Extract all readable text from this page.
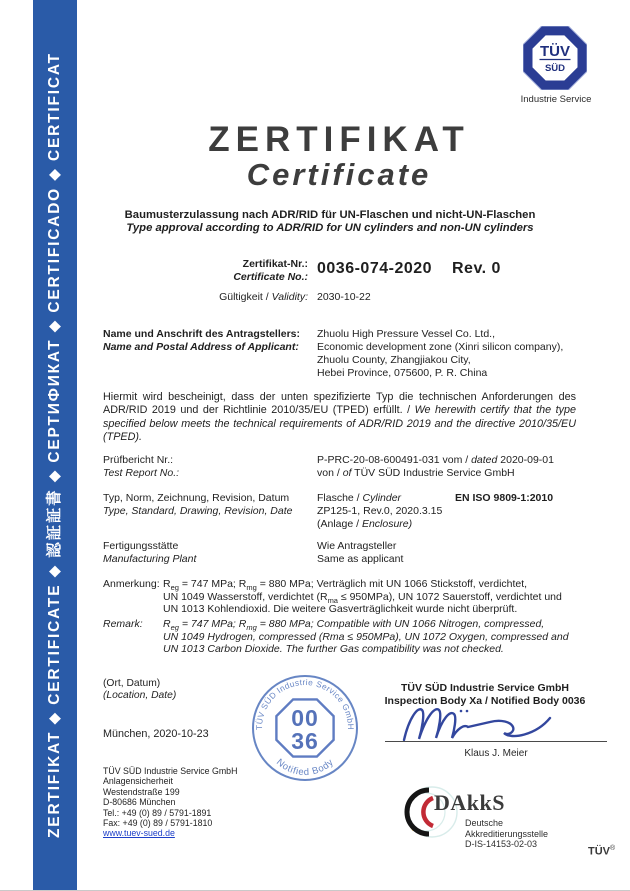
ZERTIFIKAT ◆ CERTIFICATE ◆ 認証証書 ◆ СЕРТИФИКАТ ◆ CERTIFICADO ◆ CERTIFICAT
TÜV
SÜD
Industrie Service
ZERTIFIKAT
Certificate
Baumusterzulassung nach ADR/RID für UN-Flaschen und nicht-UN-Flaschen
Type approval according to ADR/RID for UN cylinders and non-UN cylinders
Zertifikat-Nr.:
Certificate No.: 0036-074-2020 Rev. 0
Gültigkeit / Validity: 2030-10-22
Name und Anschrift des Antragstellers:
Name and Postal Address of Applicant:
Zhuolu High Pressure Vessel Co. Ltd.,
Economic development zone (Xinri silicon company),
Zhuolu County, Zhangjiakou City,
Hebei Province, 075600, P. R. China

Hiermit wird bescheinigt, dass der unten spezifizierte Typ die technischen Anforderungen des ADR/RID 2019 und der Richtlinie 2010/35/EU (TPED) erfüllt. / We herewith certify that the type specified below meets the technical requirements of ADR/RID 2019 and the directive 2010/35/EU (TPED).

Prüfbericht Nr.:
Test Report No.:
P-PRC-20-08-600491-031 vom / dated 2020-09-01
von / of TÜV SÜD Industrie Service GmbH
Typ, Norm, Zeichnung, Revision, Datum
Type, Standard, Drawing, Revision, Date
Flasche / Cylinder	EN ISO 9809-1:2010
ZP125-1, Rev.0, 2020.3.15
(Anlage / Enclosure)
Fertigungsstätte
Manufacturing Plant
Wie Antragsteller
Same as applicant
Anmerkung: $R_{eg} = 747$ MPa; $R_{mg} = 880$ MPa; Verträglich mit UN 1066 Stickstoff, verdichtet,
UN 1049 Wasserstoff, verdichtet $(R_{ma} \le 950MPa)$, UN 1072 Sauerstoff, verdichtet und
UN 1013 Kohlendioxid. Die weitere Gasverträglichkeit wurde nicht überprüft.
Remark: $R_{eg} = 747$ MPa; $R_{mg} = 880$ MPa; Compatible with UN 1066 Nitrogen, compressed,
UN 1049 Hydrogen, compressed (Rma ≤ 950MPa), UN 1072 Oxygen, compressed and
UN 1013 Carbon Dioxide. The further Gas compatibility was not checked.
(Ort, Datum)
(Location, Date)
München, 2020-10-23
TÜV SÜD Industrie Service GmbH
Anlagensicherheit
Westendstraße 199
D-80686 München
Tel.: +49 (0) 89 / 5791-1891
Fax: +49 (0) 89 / 5791-1810
www.tuev-sued.de
TÜV SÜD Industrie Service GmbH
Notified Body
00
36
TÜV SÜD Industrie Service GmbH
Inspection Body Xa / Notified Body 0036
Klaus J. Meier
DAkkS
Deutsche
Akkreditierungsstelle
D-IS-14153-02-03
TÜV®
